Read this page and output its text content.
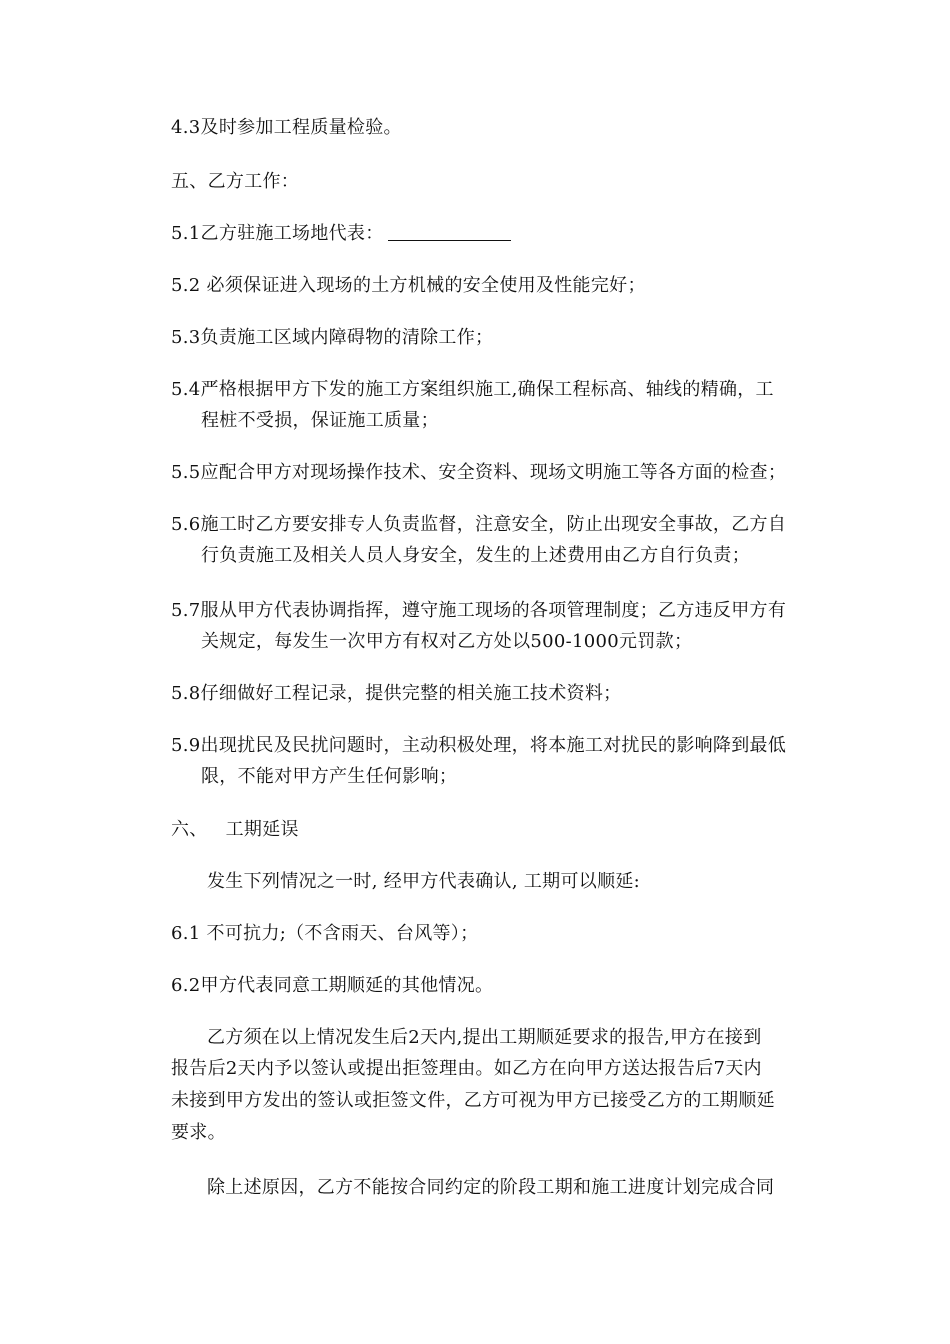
4.3及时参加工程质量检验。
五、乙方工作：
5.1乙方驻施工场地代表：
5.2 必须保证进入现场的土方机械的安全使用及性能完好；
5.3负责施工区域内障碍物的清除工作；
5.4严格根据甲方下发的施工方案组织施工,确保工程标高、轴线的精确，工
程桩不受损，保证施工质量；
5.5应配合甲方对现场操作技术、安全资料、现场文明施工等各方面的检查；
5.6施工时乙方要安排专人负责监督，注意安全，防止出现安全事故，乙方自
行负责施工及相关人员人身安全，发生的上述费用由乙方自行负责；
5.7服从甲方代表协调指挥，遵守施工现场的各项管理制度；乙方违反甲方有
关规定，每发生一次甲方有权对乙方处以500-1000元罚款；
5.8仔细做好工程记录，提供完整的相关施工技术资料；
5.9出现扰民及民扰问题时，主动积极处理，将本施工对扰民的影响降到最低
限，不能对甲方产生任何影响；
六、 工期延误
发生下列情况之一时, 经甲方代表确认, 工期可以顺延:
6.1 不可抗力;（不含雨天、台风等）；
6.2甲方代表同意工期顺延的其他情况。
乙方须在以上情况发生后2天内,提出工期顺延要求的报告,甲方在接到
报告后2天内予以签认或提出拒签理由。如乙方在向甲方送达报告后7天内
未接到甲方发出的签认或拒签文件，乙方可视为甲方已接受乙方的工期顺延
要求。
除上述原因，乙方不能按合同约定的阶段工期和施工进度计划完成合同
